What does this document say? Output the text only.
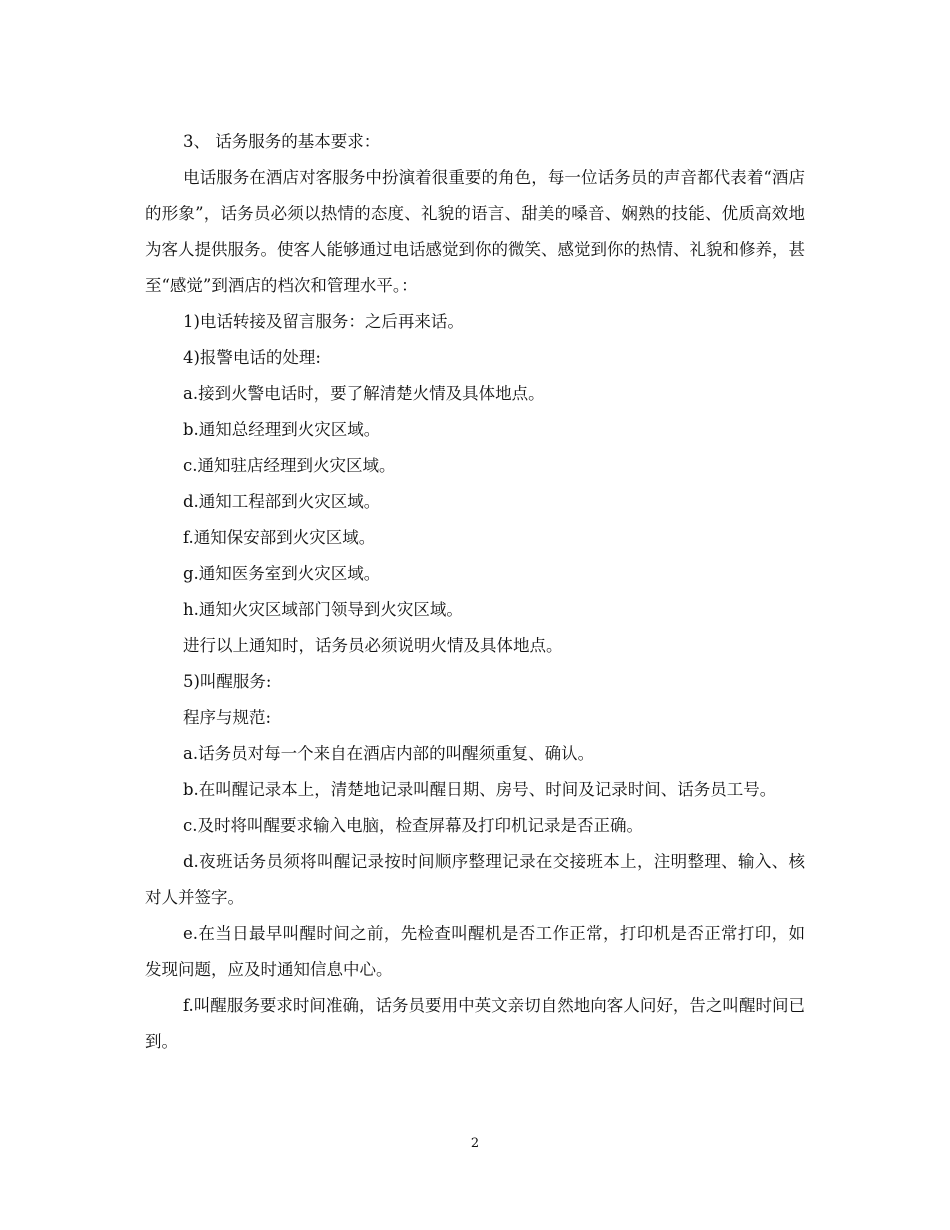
3、 话务服务的基本要求：

电话服务在酒店对客服务中扮演着很重要的角色，每一位话务员的声音都代表着“酒店的形象”，话务员必须以热情的态度、礼貌的语言、甜美的嗓音、娴熟的技能、优质高效地为客人提供服务。使客人能够通过电话感觉到你的微笑、感觉到你的热情、礼貌和修养，甚至“感觉”到酒店的档次和管理水平。：

1)电话转接及留言服务：之后再来话。

4)报警电话的处理:

a.接到火警电话时，要了解清楚火情及具体地点。

b.通知总经理到火灾区域。

c.通知驻店经理到火灾区域。

d.通知工程部到火灾区域。

f.通知保安部到火灾区域。

g.通知医务室到火灾区域。

h.通知火灾区域部门领导到火灾区域。

进行以上通知时，话务员必须说明火情及具体地点。

5)叫醒服务:

程序与规范:

a.话务员对每一个来自在酒店内部的叫醒须重复、确认。

b.在叫醒记录本上，清楚地记录叫醒日期、房号、时间及记录时间、话务员工号。

c.及时将叫醒要求输入电脑，检查屏幕及打印机记录是否正确。

d.夜班话务员须将叫醒记录按时间顺序整理记录在交接班本上，注明整理、输入、核对人并签字。

e.在当日最早叫醒时间之前，先检查叫醒机是否工作正常，打印机是否正常打印，如发现问题，应及时通知信息中心。

f.叫醒服务要求时间准确，话务员要用中英文亲切自然地向客人问好，告之叫醒时间已到。

2
